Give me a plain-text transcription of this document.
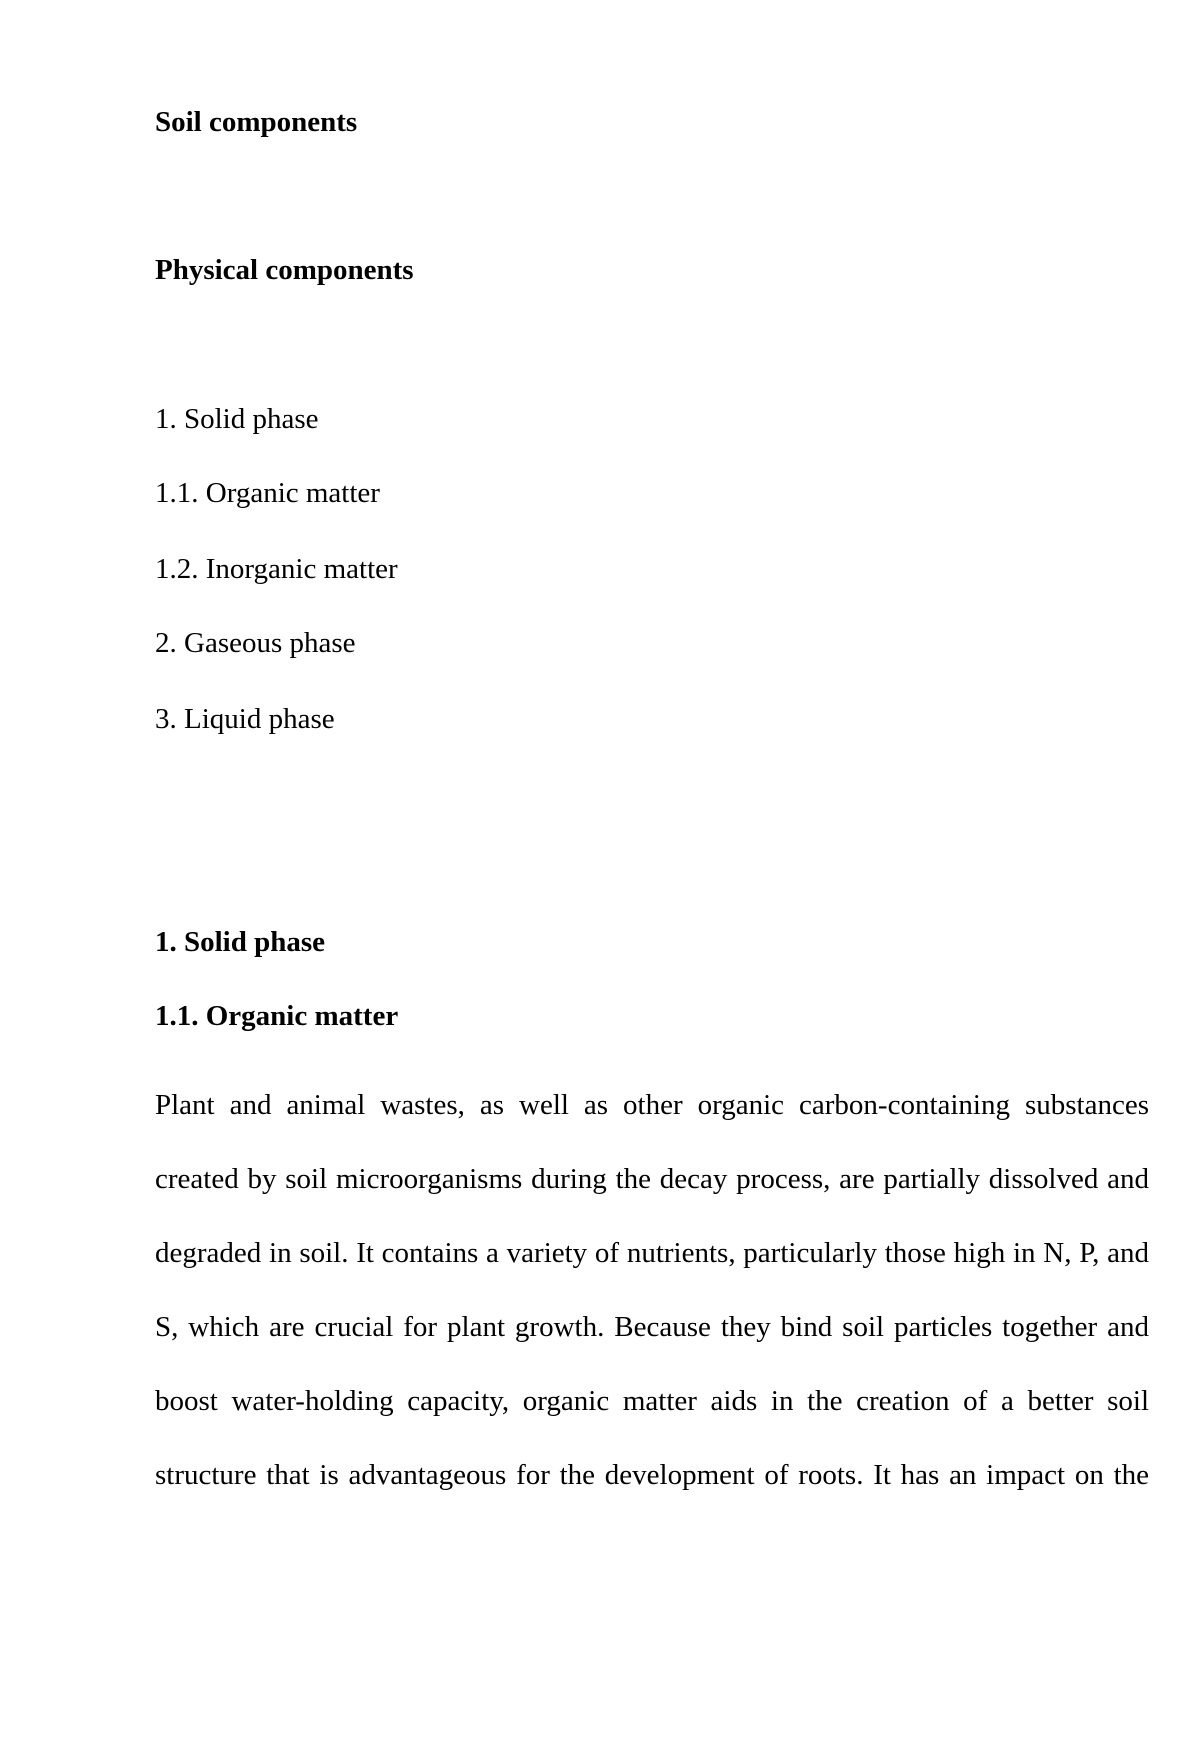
Soil components

Physical components

1. Solid phase

1.1. Organic matter

1.2. Inorganic matter

2. Gaseous phase

3. Liquid phase

1. Solid phase

1.1. Organic matter

Plant and animal wastes, as well as other organic carbon-containing substances created by soil microorganisms during the decay process, are partially dissolved and degraded in soil. It contains a variety of nutrients, particularly those high in N, P, and S, which are crucial for plant growth. Because they bind soil particles together and boost water-holding capacity, organic matter aids in the creation of a better soil structure that is advantageous for the development of roots. It has an impact on the
